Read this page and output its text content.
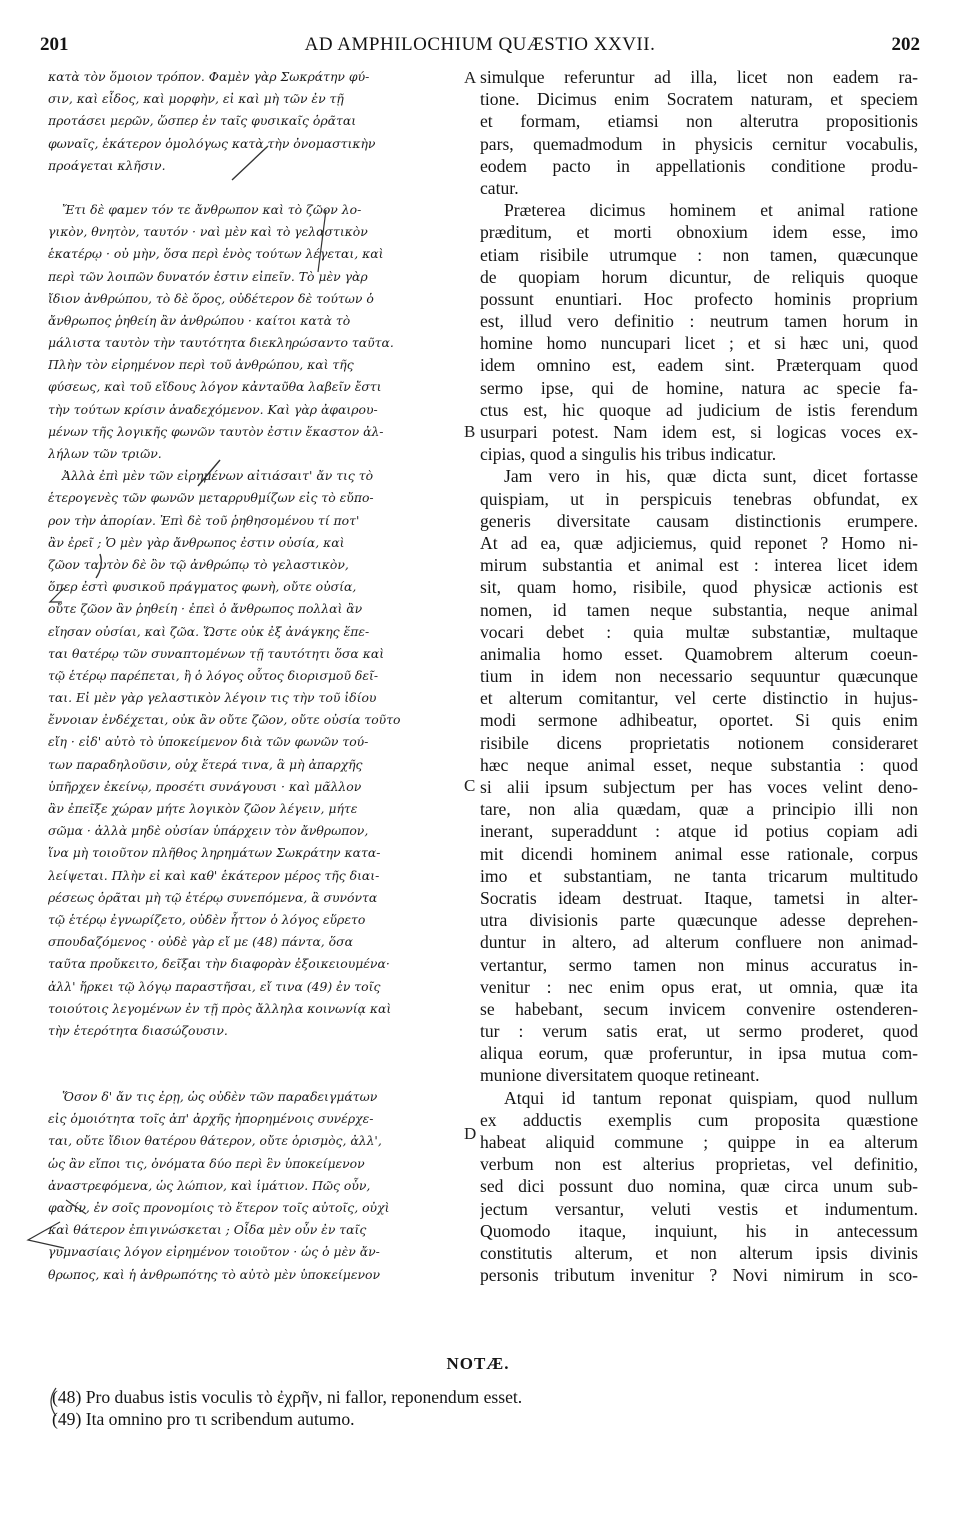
201	AD AMPHILOCHIUM QUÆSTIO XXVII.	202
κατὰ τὸν ὅμοιον τρόπον. Φαμὲν γὰρ Σωκράτην φύ-
σιν, καὶ εἶδος, καὶ μορφὴν, εἰ καὶ μὴ τῶν ἐν τῇ
προτάσει μερῶν, ὥσπερ ἐν ταῖς φυσικαῖς ὁρᾶται
φωναῖς, ἑκάτερον ὁμολόγως κατὰ τὴν ὀνομαστικὴν
προάγεται κλῆσιν.
Ἔτι δὲ φαμεν τόν τε ἄνθρωπον καὶ τὸ ζῶον λο-
γικὸν, θνητὸν, ταυτόν · ναὶ μὲν καὶ τὸ γελαστικὸν
ἑκατέρῳ · οὐ μὴν, ὅσα περὶ ἑνὸς τούτων λέγεται, καὶ
περὶ τῶν λοιπῶν δυνατόν ἐστιν εἰπεῖν. Τὸ μὲν γὰρ
ἴδιον ἀνθρώπου, τὸ δὲ ὅρος, οὐδέτερον δὲ τούτων ὁ
ἄνθρωπος ῥηθείη ἂν ἀνθρώπου · καίτοι κατὰ τὸ
μάλιστα ταυτὸν τὴν ταυτότητα διεκληρώσαντο ταῦτα.
Πλὴν τὸν εἰρημένον περὶ τοῦ ἀνθρώπου, καὶ τῆς
φύσεως, καὶ τοῦ εἴδους λόγον κἀνταῦθα λαβεῖν ἔστι
τὴν τούτων κρίσιν ἀναδεχόμενον. Καὶ γὰρ ἀφαιρου-
μένων τῆς λογικῆς φωνῶν ταυτὸν ἐστιν ἕκαστον ἀλ-
λήλων τῶν τριῶν.
Ἀλλὰ ἐπὶ μὲν τῶν εἰρημένων αἰτιάσαιτ' ἄν τις τὸ
ἑτερογενὲς τῶν φωνῶν μεταρρυθμίζων εἰς τὸ εὔπο-
ρον τὴν ἀπορίαν. Ἐπὶ δὲ τοῦ ῥηθησομένου τί ποτ'
ἂν ἐρεῖ ; Ὁ μὲν γὰρ ἄνθρωπος ἐστιν οὐσία, καὶ
ζῶον ταυτὸν δὲ ὂν τῷ ἀνθρώπῳ τὸ γελαστικὸν,
ὅπερ ἐστὶ φυσικοῦ πράγματος φωνὴ, οὔτε οὐσία,
οὔτε ζῶον ἂν ῥηθείη · ἐπεὶ ὁ ἄνθρωπος πολλαὶ ἂν
εἴησαν οὐσίαι, καὶ ζῶα. Ὥστε οὐκ ἐξ ἀνάγκης ἕπε-
ται θατέρῳ τῶν συναπτομένων τῇ ταυτότητι ὅσα καὶ
τῷ ἑτέρῳ παρέπεται, ἢ ὁ λόγος οὗτος διορισμοῦ δεῖ-
ται. Εἰ μὲν γὰρ γελαστικὸν λέγοιν τις τὴν τοῦ ἰδίου
ἔννοιαν ἐνδέχεται, οὐκ ἂν οὔτε ζῶον, οὔτε οὐσία τοῦτο
εἴη · εἰδ' αὐτὸ τὸ ὑποκείμενον διὰ τῶν φωνῶν τού-
των παραδηλοῦσιν, οὐχ ἕτερά τινα, ἃ μὴ ἀπαρχῆς
ὑπῆρχεν ἐκείνῳ, προσέτι συνάγουσι · καὶ μᾶλλον
ἂν ἐπεῖξε χώραν μήτε λογικὸν ζῶον λέγειν, μήτε
σῶμα · ἀλλὰ μηδὲ οὐσίαν ὑπάρχειν τὸν ἄνθρωπον,
ἵνα μὴ τοιοῦτον πλῆθος ληρημάτων Σωκράτην κατα-
λείψεται. Πλὴν εἰ καὶ καθ' ἑκάτερον μέρος τῆς διαι-
ρέσεως ὁρᾶται μὴ τῷ ἑτέρῳ συνεπόμενα, ἃ συνόντα
τῷ ἑτέρῳ ἐγνωρίζετο, οὐδὲν ἧττον ὁ λόγος εὕρετο
σπουδαζόμενος · οὐδὲ γὰρ εἴ με (48) πάντα, ὅσα
ταῦτα προὔκειτο, δεῖξαι τὴν διαφορὰν ἐξοικειουμένα·
ἀλλ' ἤρκει τῷ λόγῳ παραστῆσαι, εἴ τινα (49) ἐν τοῖς
τοιούτοις λεγομένων ἐν τῇ πρὸς ἄλληλα κοινωνίᾳ καὶ
τὴν ἑτερότητα διασώζουσιν.
Ὅσον δ' ἄν τις ἐρῃ, ὡς οὐδὲν τῶν παραδειγμάτων
εἰς ὁμοιότητα τοῖς ἀπ' ἀρχῆς ἠπορημένοις συνέρχε-
ται, οὔτε ἴδιον θατέρου θάτερον, οὔτε ὁρισμὸς, ἀλλ',
ὡς ἂν εἴποι τις, ὀνόματα δύο περὶ ἓν ὑποκείμενον
ἀναστρεφόμενα, ὡς λώπιον, καὶ ἱμάτιον. Πῶς οὖν,
φασίν, ἐν σοῖς προνομίοις τὸ ἕτερον τοῖς αὐτοῖς, οὐχὶ
καὶ θάτερον ἐπιγινώσκεται ; Οἶδα μὲν οὖν ἐν ταῖς
γυμνασίαις λόγον εἰρημένον τοιοῦτον · ὡς ὁ μὲν ἄν-
θρωπος, καὶ ἡ ἀνθρωπότης τὸ αὐτὸ μὲν ὑποκείμενον
A
B
C
D
simulque referuntur ad illa, licet non eadem ra-
tione. Dicimus enim Socratem naturam, et speciem
et formam, etiamsi non alterutra propositionis
pars, quemadmodum in physicis cernitur vocabulis,
eodem pacto in appellationis conditione produ-
catur.
Præterea dicimus hominem et animal ratione
præditum, et morti obnoxium idem esse, imo
etiam risibile utrumque : non tamen, quæcunque
de quopiam horum dicuntur, de reliquis quoque
possunt enuntiari. Hoc profecto hominis proprium
est, illud vero definitio : neutrum tamen horum in
homine homo nuncupari licet ; et si hæc uni, quod
idem omnino est, eadem sint. Præterquam quod
sermo ipse, qui de homine, natura ac specie fa-
ctus est, hic quoque ad judicium de istis ferendum
usurpari potest. Nam idem est, si logicas voces ex-
cipias, quod a singulis his tribus indicatur.
Jam vero in his, quæ dicta sunt, dicet fortasse
quispiam, ut in perspicuis tenebras obfundat, ex
generis diversitate causam distinctionis erumpere.
At ad ea, quæ adjiciemus, quid reponet ? Homo ni-
mirum substantia et animal est : interea licet idem
sit, quam homo, risibile, quod physicæ actionis est
nomen, id tamen neque substantia, neque animal
vocari debet : quia multæ substantiæ, multaque
animalia homo esset. Quamobrem alterum coeun-
tium in idem non necessario sequuntur quæcunque
et alterum comitantur, vel certe distinctio in hujus-
modi sermone adhibeatur, oportet. Si quis enim
risibile dicens proprietatis notionem consideraret
hæc neque animal esset, neque substantia : quod
si alii ipsum subjectum per has voces velint deno-
tare, non alia quædam, quæ a principio illi non
inerant, superaddunt : atque id potius copiam adi
mit dicendi hominem animal esse rationale, corpus
imo et substantiam, ne tanta tricarum multitudo
Socratis ideam destruat. Itaque, tametsi in alter-
utra divisionis parte quæcunque adesse deprehen-
duntur in altero, ad alterum confluere non animad-
vertantur, sermo tamen non minus accuratus in-
venitur : nec enim opus erat, ut omnia, quæ ita
se habebant, secum invicem convenire ostenderen-
tur : verum satis erat, ut sermo proderet, quod
aliqua eorum, quæ proferuntur, in ipsa mutua com-
munione diversitatem quoque retineant.
Atqui id tantum reponat quispiam, quod nullum
ex adductis exemplis cum proposita quæstione
habeat aliquid commune ; quippe in ea alterum
verbum non est alterius proprietas, vel definitio,
sed dici possunt duo nomina, quæ circa unum sub-
jectum versantur, veluti vestis et indumentum.
Quomodo itaque, inquiunt, his in antecessum
constitutis alterum, et non alterum ipsis divinis
personis tributum invenitur ? Novi nimirum in sco-
NOTÆ.
(48) Pro duabus istis voculis τὸ ἐχρῆν, ni fallor, reponendum esset.
(49) Ita omnino pro τι scribendum autumo.
